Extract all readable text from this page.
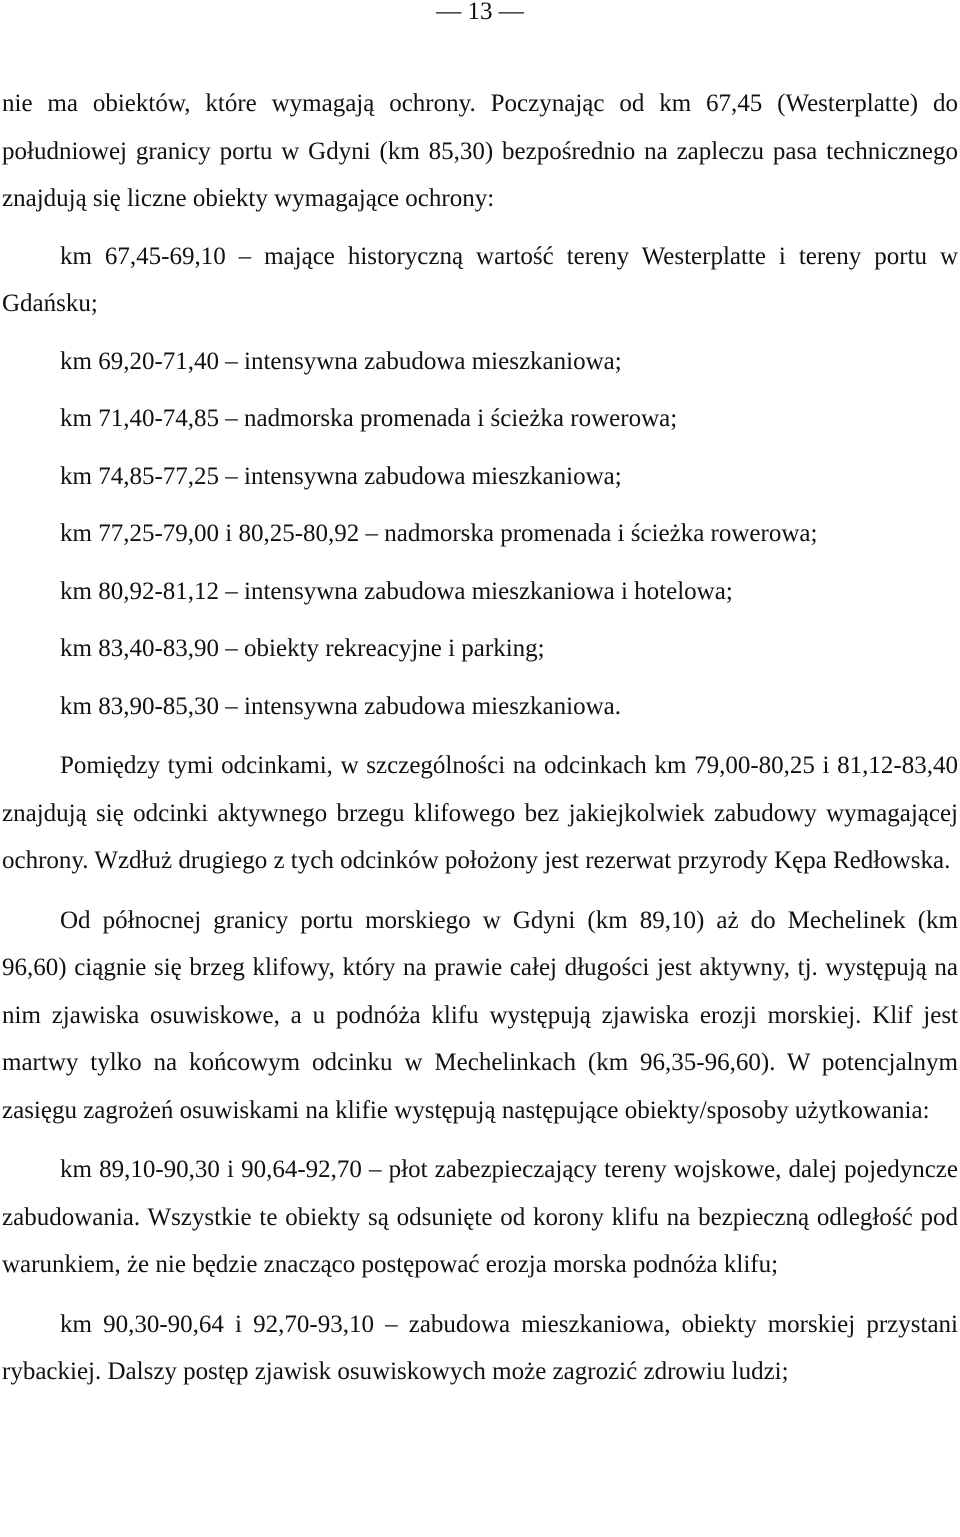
— 13 —

nie ma obiektów, które wymagają ochrony. Poczynając od km 67,45 (Westerplatte) do południowej granicy portu w Gdyni (km 85,30) bezpośrednio na zapleczu pasa technicznego znajdują się liczne obiekty wymagające ochrony:

km 67,45-69,10 – mające historyczną wartość tereny Westerplatte i tereny portu w Gdańsku;

km 69,20-71,40 – intensywna zabudowa mieszkaniowa;

km 71,40-74,85 – nadmorska promenada i ścieżka rowerowa;

km 74,85-77,25 – intensywna zabudowa mieszkaniowa;

km 77,25-79,00 i 80,25-80,92 – nadmorska promenada i ścieżka rowerowa;

km 80,92-81,12 – intensywna zabudowa mieszkaniowa i hotelowa;

km 83,40-83,90 – obiekty rekreacyjne i parking;

km 83,90-85,30 – intensywna zabudowa mieszkaniowa.

Pomiędzy tymi odcinkami, w szczególności na odcinkach km 79,00-80,25 i 81,12-83,40 znajdują się odcinki aktywnego brzegu klifowego bez jakiejkolwiek zabudowy wymagającej ochrony. Wzdłuż drugiego z tych odcinków położony jest rezerwat przyrody Kępa Redłowska.

Od północnej granicy portu morskiego w Gdyni (km 89,10) aż do Mechelinek (km 96,60) ciągnie się brzeg klifowy, który na prawie całej długości jest aktywny, tj. występują na nim zjawiska osuwiskowe, a u podnóża klifu występują zjawiska erozji morskiej. Klif jest martwy tylko na końcowym odcinku w Mechelinkach (km 96,35-96,60). W potencjalnym zasięgu zagrożeń osuwiskami na klifie występują następujące obiekty/sposoby użytkowania:

km 89,10-90,30 i 90,64-92,70 – płot zabezpieczający tereny wojskowe, dalej pojedyncze zabudowania. Wszystkie te obiekty są odsunięte od korony klifu na bezpieczną odległość pod warunkiem, że nie będzie znacząco postępować erozja morska podnóża klifu;

km 90,30-90,64 i 92,70-93,10 – zabudowa mieszkaniowa, obiekty morskiej przystani rybackiej. Dalszy postęp zjawisk osuwiskowych może zagrozić zdrowiu ludzi;
